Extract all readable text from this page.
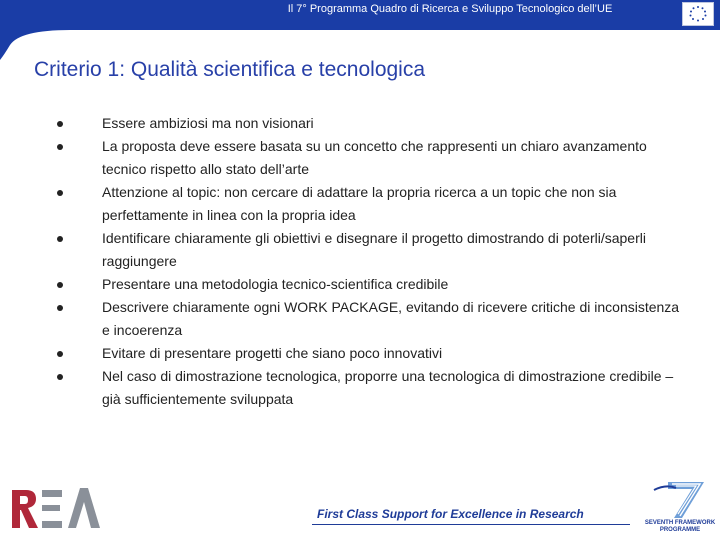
Il 7° Programma Quadro di Ricerca e Sviluppo Tecnologico dell’UE
Criterio 1: Qualità scientifica e tecnologica
Essere ambiziosi ma non visionari
La proposta deve essere basata su un concetto che rappresenti un chiaro avanzamento tecnico rispetto allo stato dell’arte
Attenzione al topic: non cercare di adattare la propria ricerca a un topic che non sia perfettamente in linea con la propria idea
Identificare chiaramente gli obiettivi e disegnare il progetto dimostrando di poterli/saperli raggiungere
Presentare una metodologia tecnico-scientifica credibile
Descrivere chiaramente ogni WORK PACKAGE, evitando di ricevere critiche di inconsistenza e incoerenza
Evitare di presentare progetti che siano poco innovativi
Nel caso di dimostrazione tecnologica, proporre una tecnologica di dimostrazione credibile – già sufficientemente sviluppata
First Class Support for Excellence in Research
SEVENTH FRAMEWORK
PROGRAMME
